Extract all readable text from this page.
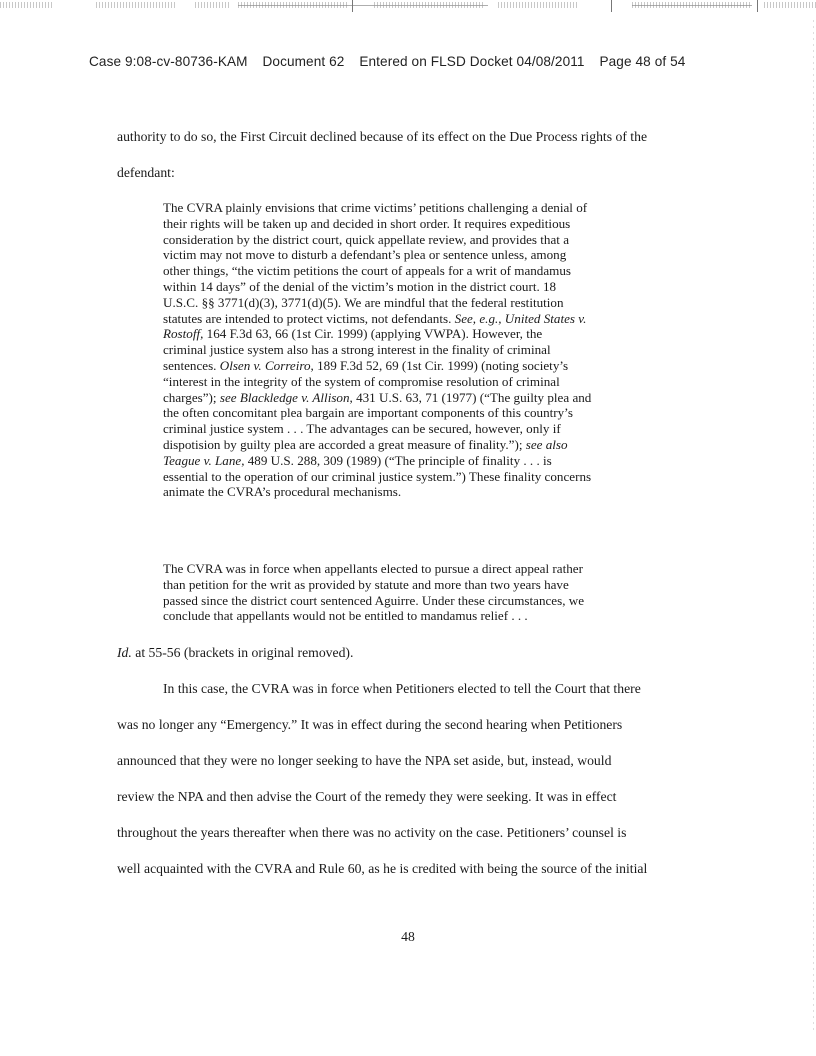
Case 9:08-cv-80736-KAM Document 62 Entered on FLSD Docket 04/08/2011 Page 48 of 54
authority to do so, the First Circuit declined because of its effect on the Due Process rights of the
defendant:

The CVRA plainly envisions that crime victims’ petitions challenging a denial of

their rights will be taken up and decided in short order. It requires expeditious

consideration by the district court, quick appellate review, and provides that a

victim may not move to disturb a defendant’s plea or sentence unless, among

other things, “the victim petitions the court of appeals for a writ of mandamus

within 14 days” of the denial of the victim’s motion in the district court. 18

U.S.C. §§ 3771(d)(3), 3771(d)(5). We are mindful that the federal restitution

statutes are intended to protect victims, not defendants. See, e.g., United States v.

Rostoff, 164 F.3d 63, 66 (1st Cir. 1999) (applying VWPA). However, the

criminal justice system also has a strong interest in the finality of criminal

sentences. Olsen v. Correiro, 189 F.3d 52, 69 (1st Cir. 1999) (noting society’s

“interest in the integrity of the system of compromise resolution of criminal

charges”); see Blackledge v. Allison, 431 U.S. 63, 71 (1977) (“The guilty plea and

the often concomitant plea bargain are important components of this country’s

criminal justice system . . . The advantages can be secured, however, only if

dispotision by guilty plea are accorded a great measure of finality.”); see also

Teague v. Lane, 489 U.S. 288, 309 (1989) (“The principle of finality . . . is

essential to the operation of our criminal justice system.”) These finality concerns

animate the CVRA’s procedural mechanisms.

The CVRA was in force when appellants elected to pursue a direct appeal rather

than petition for the writ as provided by statute and more than two years have

passed since the district court sentenced Aguirre. Under these circumstances, we

conclude that appellants would not be entitled to mandamus relief . . .

Id. at 55-56 (brackets in original removed).
In this case, the CVRA was in force when Petitioners elected to tell the Court that there
was no longer any “Emergency.” It was in effect during the second hearing when Petitioners
announced that they were no longer seeking to have the NPA set aside, but, instead, would
review the NPA and then advise the Court of the remedy they were seeking. It was in effect
throughout the years thereafter when there was no activity on the case. Petitioners’ counsel is
well acquainted with the CVRA and Rule 60, as he is credited with being the source of the initial
48
